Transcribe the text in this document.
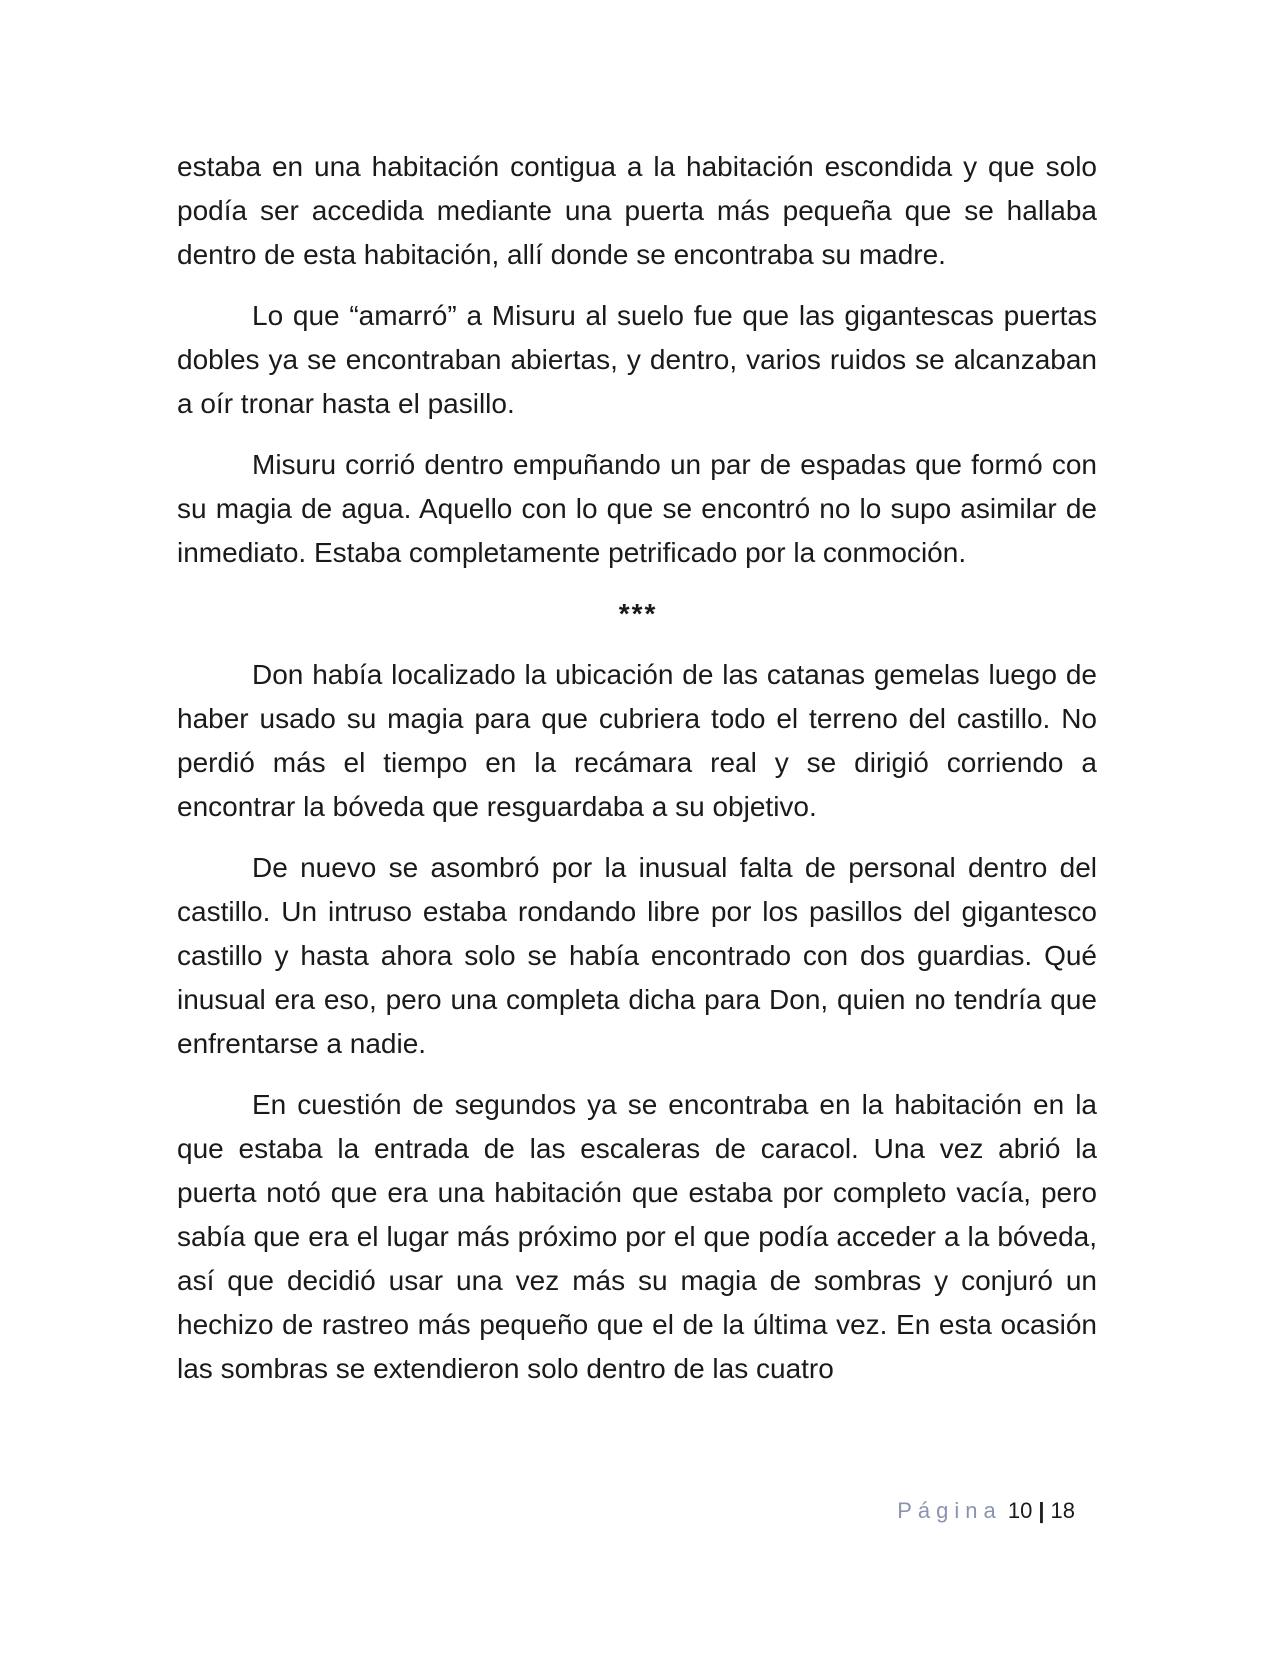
estaba en una habitación contigua a la habitación escondida y que solo podía ser accedida mediante una puerta más pequeña que se hallaba dentro de esta habitación, allí donde se encontraba su madre.

Lo que “amarró” a Misuru al suelo fue que las gigantescas puertas dobles ya se encontraban abiertas, y dentro, varios ruidos se alcanzaban a oír tronar hasta el pasillo.

Misuru corrió dentro empuñando un par de espadas que formó con su magia de agua. Aquello con lo que se encontró no lo supo asimilar de inmediato. Estaba completamente petrificado por la conmoción.

***

Don había localizado la ubicación de las catanas gemelas luego de haber usado su magia para que cubriera todo el terreno del castillo. No perdió más el tiempo en la recámara real y se dirigió corriendo a encontrar la bóveda que resguardaba a su objetivo.

De nuevo se asombró por la inusual falta de personal dentro del castillo. Un intruso estaba rondando libre por los pasillos del gigantesco castillo y hasta ahora solo se había encontrado con dos guardias. Qué inusual era eso, pero una completa dicha para Don, quien no tendría que enfrentarse a nadie.

En cuestión de segundos ya se encontraba en la habitación en la que estaba la entrada de las escaleras de caracol. Una vez abrió la puerta notó que era una habitación que estaba por completo vacía, pero sabía que era el lugar más próximo por el que podía acceder a la bóveda, así que decidió usar una vez más su magia de sombras y conjuró un hechizo de rastreo más pequeño que el de la última vez. En esta ocasión las sombras se extendieron solo dentro de las cuatro

Página 10 | 18
